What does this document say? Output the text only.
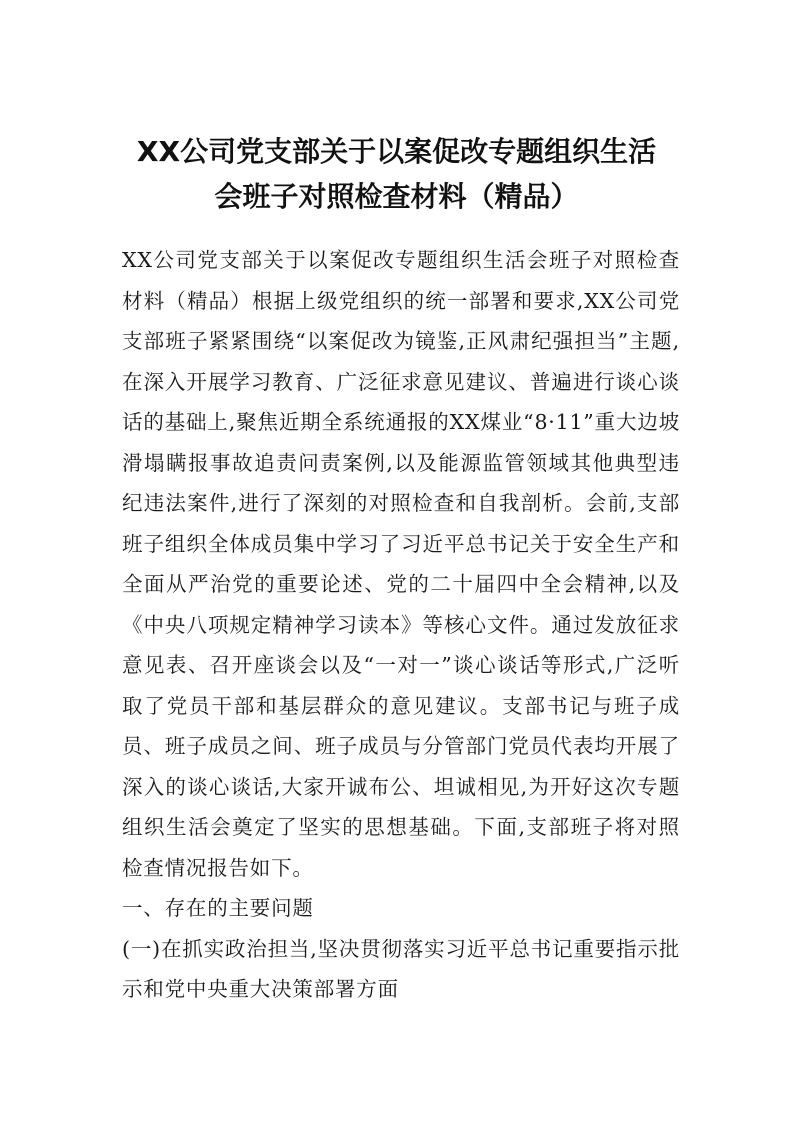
XX公司党支部关于以案促改专题组织生活
会班子对照检查材料（精品）

XX公司党支部关于以案促改专题组织生活会班子对照检查材料（精品）根据上级党组织的统一部署和要求,XX公司党支部班子紧紧围绕“以案促改为镜鉴,正风肃纪强担当”主题,在深入开展学习教育、广泛征求意见建议、普遍进行谈心谈话的基础上,聚焦近期全系统通报的XX煤业“8·11”重大边坡滑塌瞒报事故追责问责案例,以及能源监管领域其他典型违纪违法案件,进行了深刻的对照检查和自我剖析。会前,支部班子组织全体成员集中学习了习近平总书记关于安全生产和全面从严治党的重要论述、党的二十届四中全会精神,以及《中央八项规定精神学习读本》等核心文件。通过发放征求意见表、召开座谈会以及“一对一”谈心谈话等形式,广泛听取了党员干部和基层群众的意见建议。支部书记与班子成员、班子成员之间、班子成员与分管部门党员代表均开展了深入的谈心谈话,大家开诚布公、坦诚相见,为开好这次专题组织生活会奠定了坚实的思想基础。下面,支部班子将对照检查情况报告如下。

一、存在的主要问题

(一)在抓实政治担当,坚决贯彻落实习近平总书记重要指示批示和党中央重大决策部署方面
